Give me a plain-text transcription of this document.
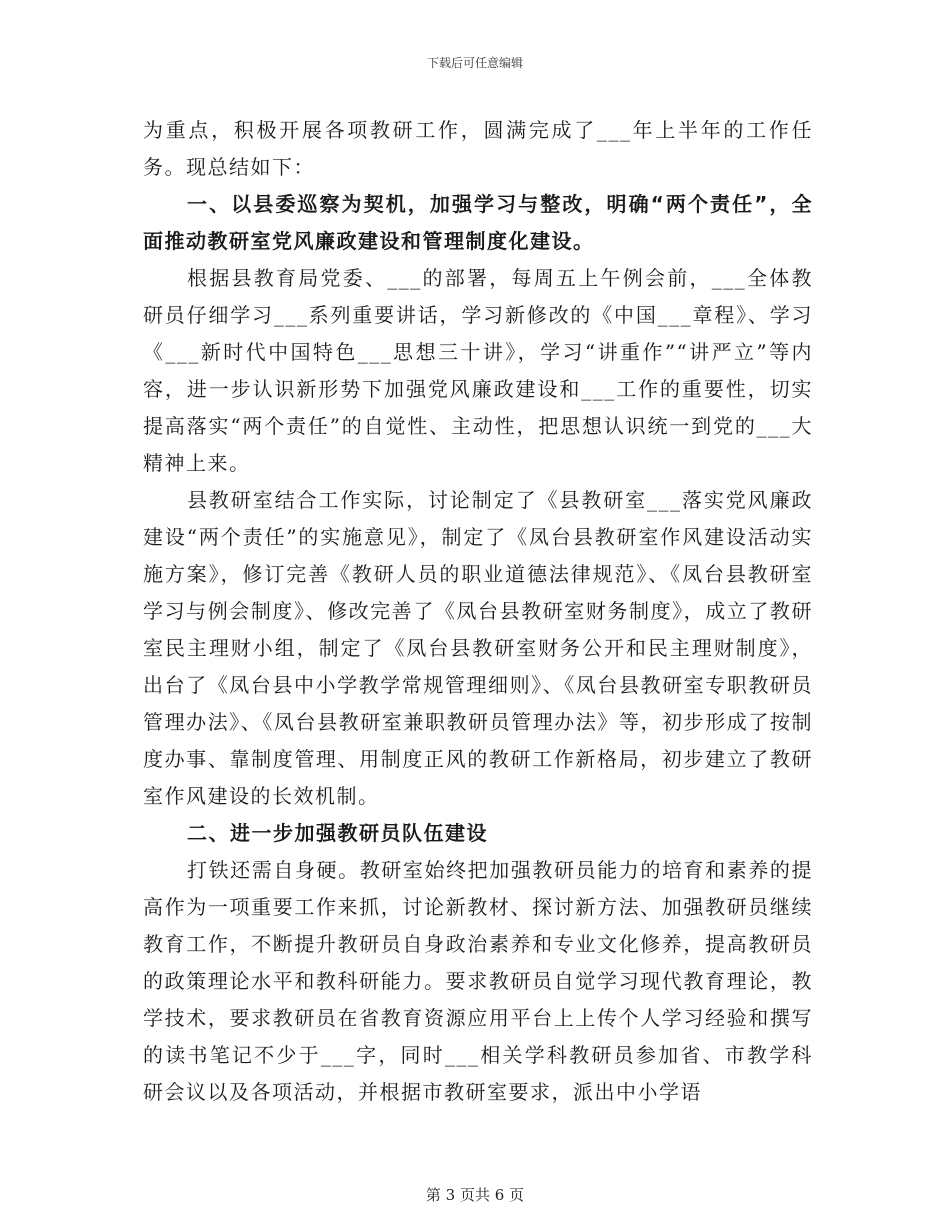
下载后可任意编辑

为重点，积极开展各项教研工作，圆满完成了___年上半年的工作任务。现总结如下：

一、以县委巡察为契机，加强学习与整改，明确“两个责任”，全面推动教研室党风廉政建设和管理制度化建设。

根据县教育局党委、___的部署，每周五上午例会前，___全体教研员仔细学习___系列重要讲话，学习新修改的《中国___章程》、学习《___新时代中国特色___思想三十讲》，学习“讲重作”“讲严立”等内容，进一步认识新形势下加强党风廉政建设和___工作的重要性，切实提高落实“两个责任”的自觉性、主动性，把思想认识统一到党的___大精神上来。

县教研室结合工作实际，讨论制定了《县教研室___落实党风廉政建设“两个责任”的实施意见》，制定了《凤台县教研室作风建设活动实施方案》，修订完善《教研人员的职业道德法律规范》、《凤台县教研室学习与例会制度》、修改完善了《凤台县教研室财务制度》，成立了教研室民主理财小组，制定了《凤台县教研室财务公开和民主理财制度》，出台了《凤台县中小学教学常规管理细则》、《凤台县教研室专职教研员管理办法》、《凤台县教研室兼职教研员管理办法》等，初步形成了按制度办事、靠制度管理、用制度正风的教研工作新格局，初步建立了教研室作风建设的长效机制。

二、进一步加强教研员队伍建设

打铁还需自身硬。教研室始终把加强教研员能力的培育和素养的提高作为一项重要工作来抓，讨论新教材、探讨新方法、加强教研员继续教育工作，不断提升教研员自身政治素养和专业文化修养，提高教研员的政策理论水平和教科研能力。要求教研员自觉学习现代教育理论，教学技术，要求教研员在省教育资源应用平台上上传个人学习经验和撰写的读书笔记不少于___字，同时___相关学科教研员参加省、市教学科研会议以及各项活动，并根据市教研室要求，派出中小学语

第 3 页共 6 页
